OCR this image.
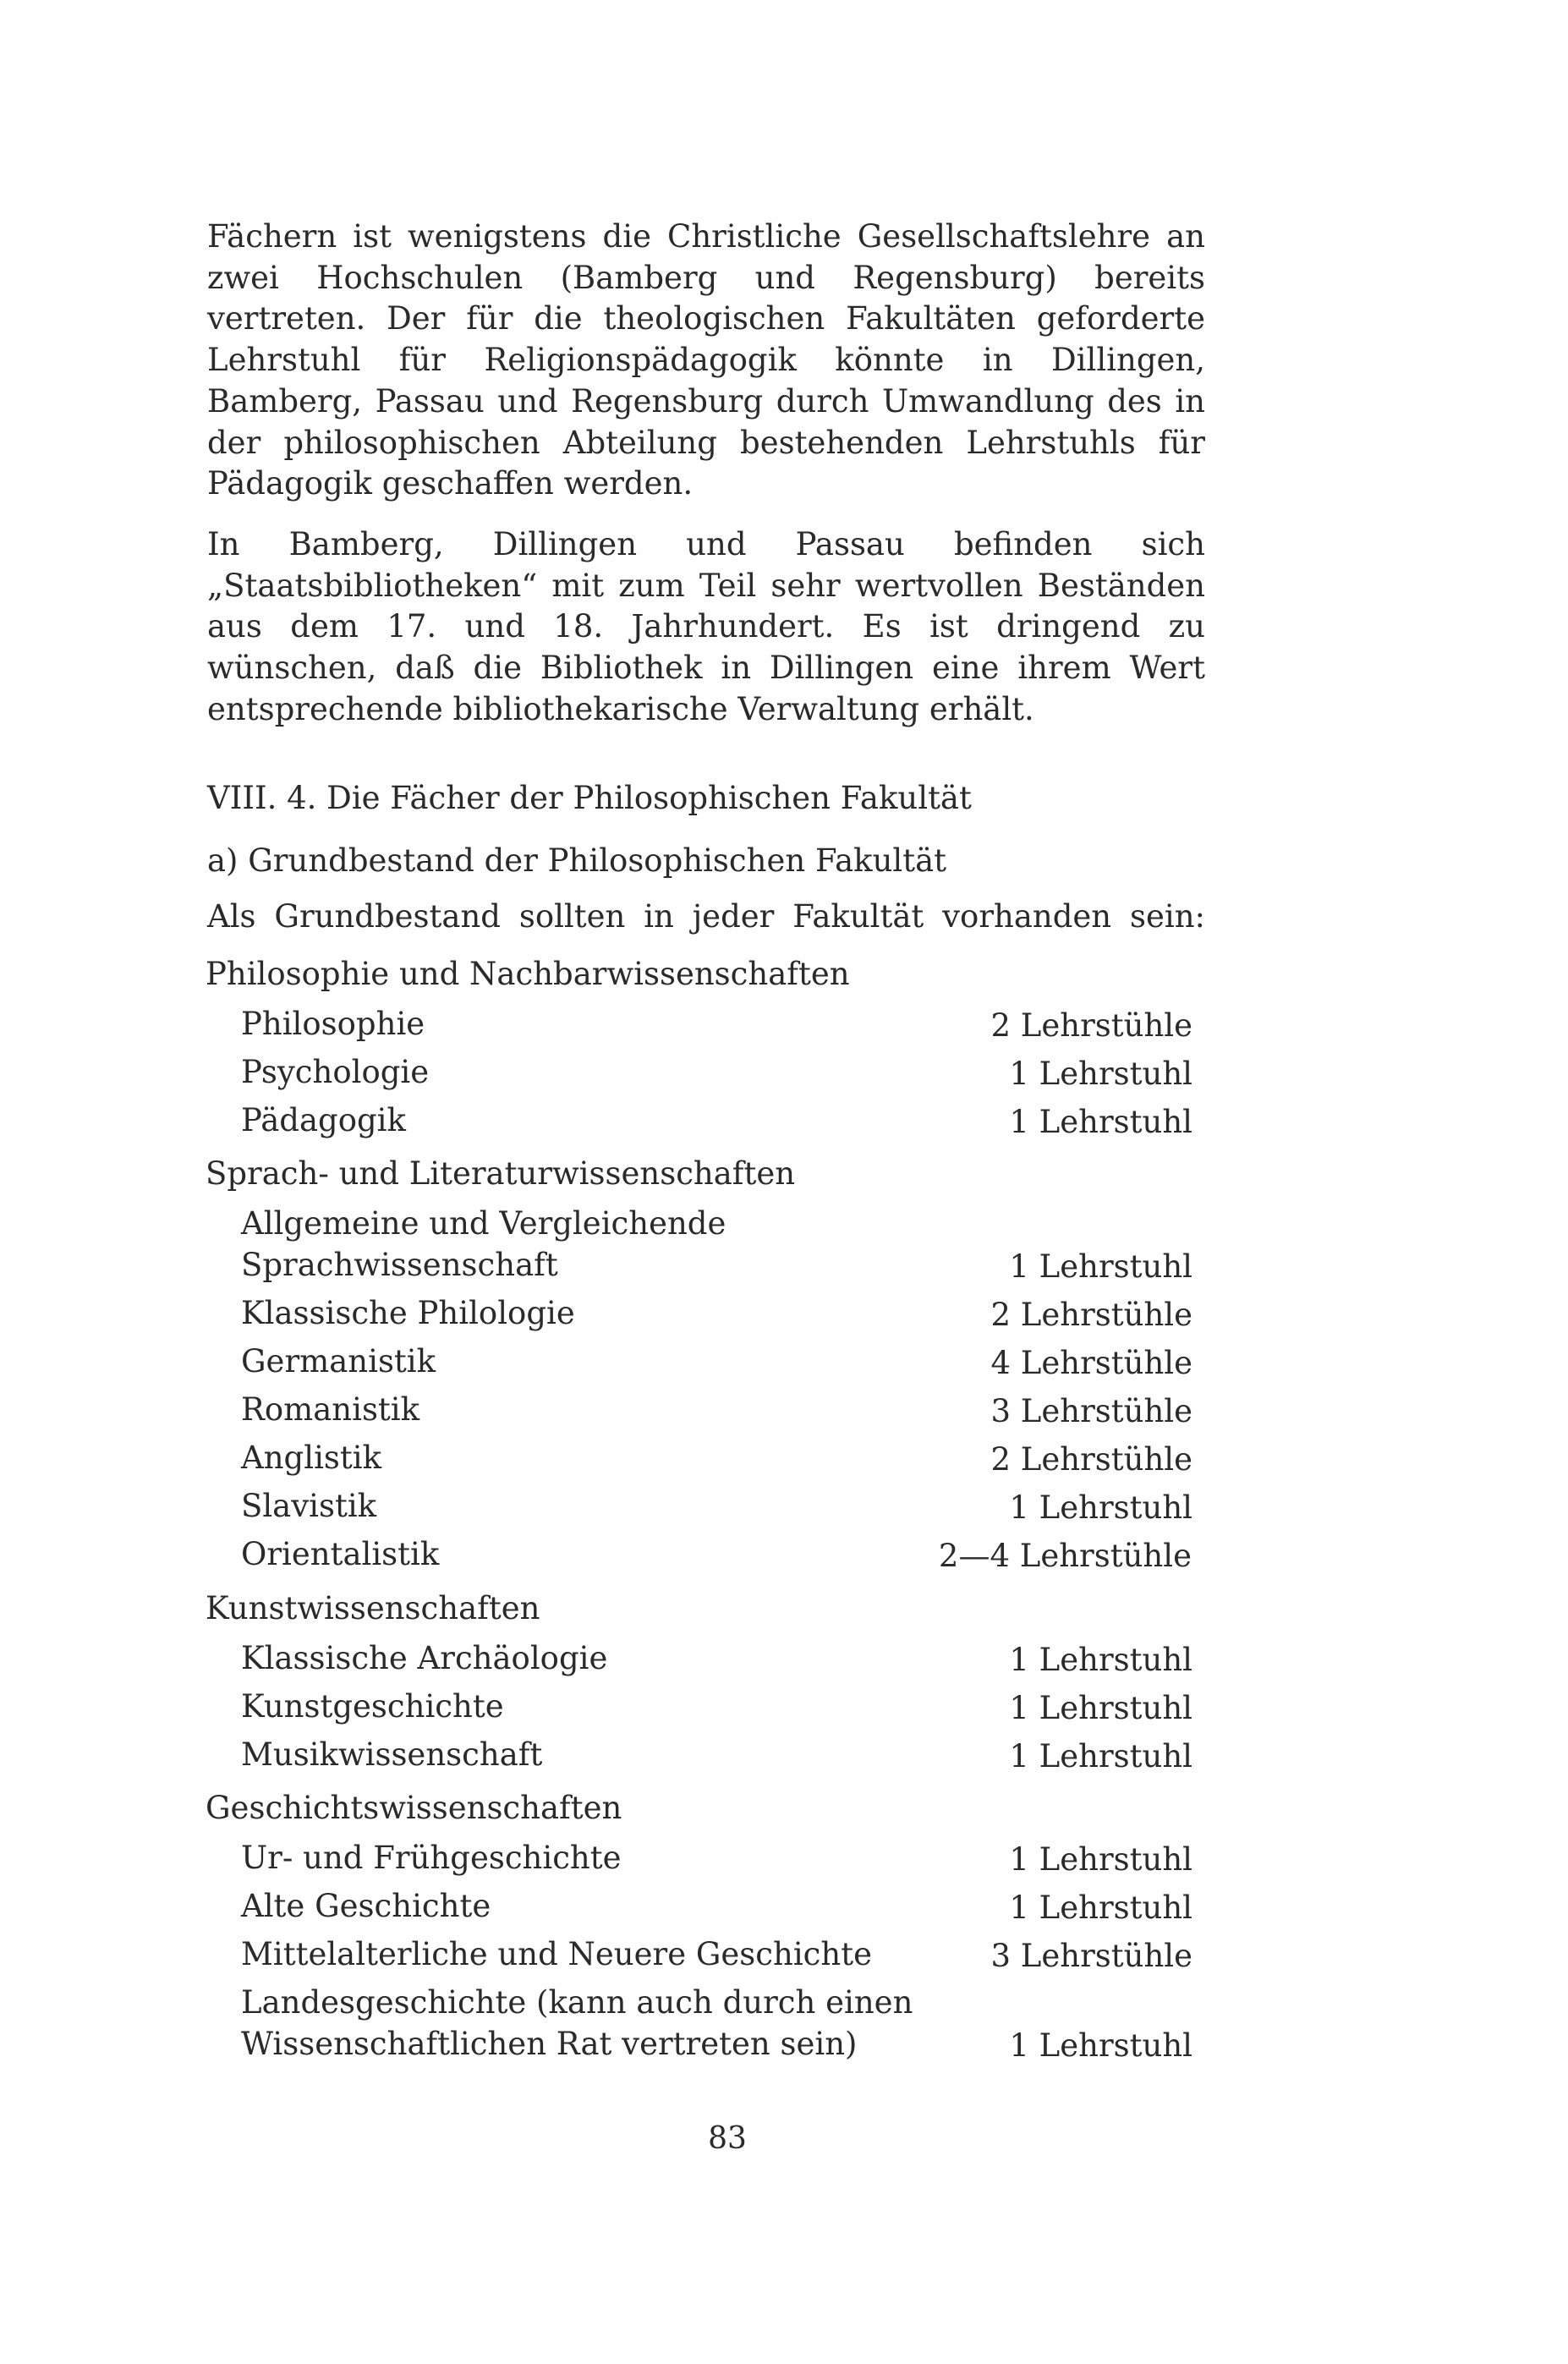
Fächern ist wenigstens die Christliche Gesellschaftslehre an zwei Hochschulen (Bamberg und Regensburg) bereits vertreten. Der für die theologischen Fakultäten geforderte Lehrstuhl für Religionspädagogik könnte in Dillingen, Bamberg, Passau und Regensburg durch Umwandlung des in der philosophischen Abteilung bestehenden Lehrstuhls für Pädagogik geschaffen werden.

In Bamberg, Dillingen und Passau befinden sich „Staatsbibliotheken“ mit zum Teil sehr wertvollen Beständen aus dem 17. und 18. Jahrhundert. Es ist dringend zu wünschen, daß die Bibliothek in Dillingen eine ihrem Wert entsprechende bibliothekarische Verwaltung erhält.

VIII. 4. Die Fächer der Philosophischen Fakultät

a) Grundbestand der Philosophischen Fakultät

Als Grundbestand sollten in jeder Fakultät vorhanden sein:

Philosophie und Nachbarwissenschaften

Philosophie	2 Lehrstühle

Psychologie	1 Lehrstuhl

Pädagogik	1 Lehrstuhl

Sprach- und Literaturwissenschaften

Allgemeine und Vergleichende

Sprachwissenschaft	1 Lehrstuhl

Klassische Philologie	2 Lehrstühle

Germanistik	4 Lehrstühle

Romanistik	3 Lehrstühle

Anglistik	2 Lehrstühle

Slavistik	1 Lehrstuhl

Orientalistik	2—4 Lehrstühle

Kunstwissenschaften

Klassische Archäologie	1 Lehrstuhl

Kunstgeschichte	1 Lehrstuhl

Musikwissenschaft	1 Lehrstuhl

Geschichtswissenschaften

Ur- und Frühgeschichte	1 Lehrstuhl

Alte Geschichte	1 Lehrstuhl

Mittelalterliche und Neuere Geschichte	3 Lehrstühle

Landesgeschichte (kann auch durch einen

Wissenschaftlichen Rat vertreten sein)	1 Lehrstuhl

83
